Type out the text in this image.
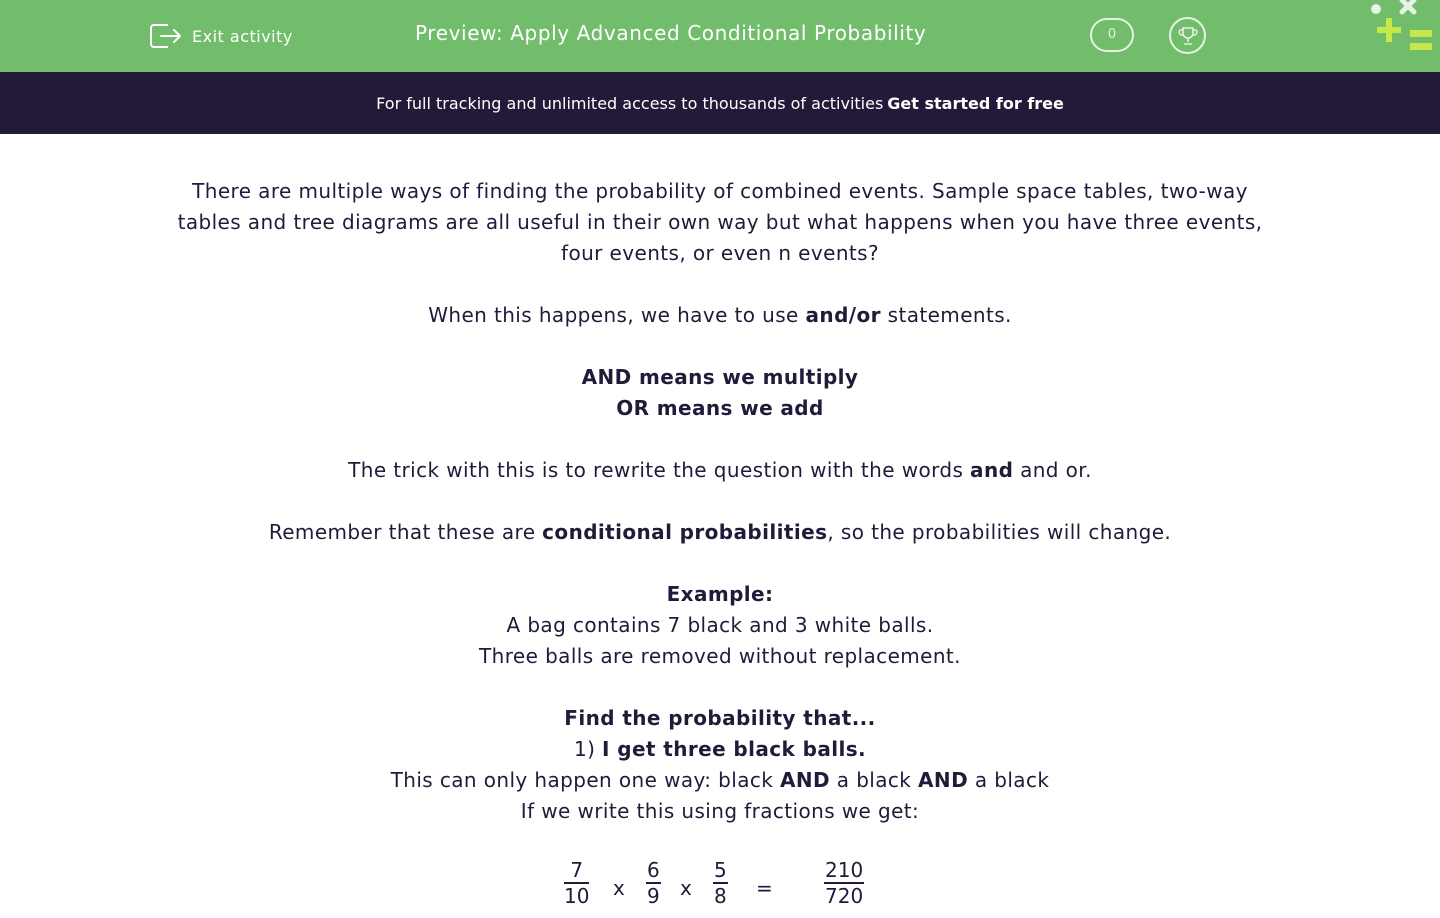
Exit activity	Preview: Apply Advanced Conditional Probability	0
For full tracking and unlimited access to thousands of activities Get started for free

There are multiple ways of finding the probability of combined events. Sample space tables, two-way tables and tree diagrams are all useful in their own way but what happens when you have three events, four events, or even n events?

When this happens, we have to use and/or statements.

AND means we multiply

OR means we add

The trick with this is to rewrite the question with the words and and or.

Remember that these are conditional probabilities, so the probabilities will change.

Example:

A bag contains 7 black and 3 white balls.

Three balls are removed without replacement.

Find the probability that...

1) I get three black balls.

This can only happen one way: black AND a black AND a black

If we write this using fractions we get:

$\frac{7}{10}$ x $\frac{6}{9}$ x $\frac{5}{8}$ =	$\frac{210}{720}$
